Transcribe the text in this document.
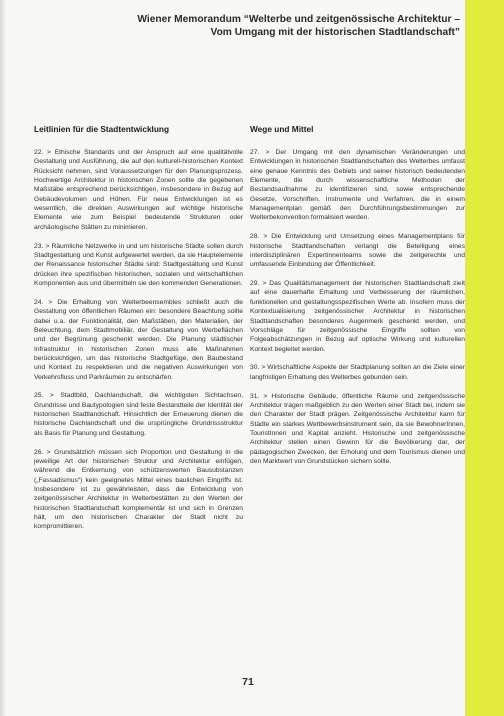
Wiener Memorandum “Welterbe und zeitgenössische Architektur –
Vom Umgang mit der historischen Stadtlandschaft”
Leitlinien für die Stadtentwicklung

22. > Ethische Standards und der Anspruch auf eine qualitätvolle Gestaltung und Ausführung, die auf den kulturell-historischen Kontext Rücksicht nehmen, sind Voraussetzungen für den Planungsprozess. Hochwertige Architektur in historischen Zonen sollte die gegebenen Maßstäbe entsprechend berücksichtigen, insbesondere in Bezug auf Gebäudevolumen und Höhen. Für neue Entwicklungen ist es wesentlich, die direkten Auswirkungen auf wichtige historische Elemente wie zum Beispiel bedeutende Strukturen oder archäologische Stätten zu minimieren.

23. > Räumliche Netzwerke in und um historische Städte sollen durch Stadtgestaltung und Kunst aufgewertet werden, da sie Hauptelemente der Renaissance historischer Städte sind: Stadtgestaltung und Kunst drücken ihre spezifischen historischen, sozialen und wirtschaftlichen Komponenten aus und übermitteln sie den kommenden Generationen.

24. > Die Erhaltung von Welterbeensembles schließt auch die Gestaltung von öffentlichen Räumen ein: besondere Beachtung sollte dabei u.a. der Funktionalität, den Maßstäben, den Materialien, der Beleuchtung, dem Stadtmobiliär, der Gestaltung von Werbeflächen und der Begrünung geschenkt werden. Die Planung städtischer Infrastruktur in historischen Zonen muss alle Maßnahmen berücksichtigen, um das historische Stadtgefüge, den Baubestand und Kontext zu respektieren und die negativen Auswirkungen von Verkehrsfluss und Parkräumen zu entschärfen.

25. > Stadtbild, Dachlandschaft, die wichtigsten Sichtachsen, Grundrisse und Bautypologien sind feste Bestandteile der Identität der historischen Stadtlandschaft. Hinsichtlich der Erneuerung dienen die historische Dachlandschaft und die ursprüngliche Grundrissstruktur als Basis für Planung und Gestaltung.

26. > Grundsätzlich müssen sich Proportion und Gestaltung in die jeweilige Art der historischen Struktur und Architektur einfügen, während die Entkernung von schützenswerten Bausubstanzen („Fassadismus“) kein geeignetes Mittel eines baulichen Eingriffs ist. Insbesondere ist zu gewährleisten, dass die Entwicklung von zeitgenössischer Architektur in Welterbestätten zu den Werten der historischen Stadtlandschaft komplementär ist und sich in Grenzen hält, um den historischen Charakter der Stadt nicht zu kompromittieren.

Wege und Mittel

27. > Der Umgang mit den dynamischen Veränderungen und Entwicklungen in historischen Stadtlandschaften des Welterbes umfasst eine genaue Kenntnis des Gebiets und seiner historisch bedeutenden Elemente, die durch wissenschaftliche Methoden der Bestandsaufnahme zu identifizieren sind, sowie entsprechende Gesetze, Vorschriften, Instrumente und Verfahren, die in einem Managementplan gemäß den Durchführungsbestimmungen zur Welterbekonvention formalisiert werden.

28. > Die Entwicklung und Umsetzung eines Managementplans für historische Stadtlandschaften verlangt die Beteiligung eines interdisziplinären Expertinnenteams sowie die zeitgerechte und umfassende Einbindung der Öffentlichkeit.

29. > Das Qualitätsmanagement der historischen Stadtlandschaft zielt auf eine dauerhafte Erhaltung und Verbesserung der räumlichen, funktionellen und gestaltungsspezifischen Werte ab. Insofern muss der Kontextualisierung zeitgenössischer Architektur in historischen Stadtlandschaften besonderes Augenmerk geschenkt werden, und Vorschläge für zeitgenössische Eingriffe sollten von Folgeabschätzungen in Bezug auf optische Wirkung und kulturellen Kontext begleitet werden.

30. > Wirtschaftliche Aspekte der Stadtplanung sollten an die Ziele einer langfristigen Erhaltung des Welterbes gebunden sein.

31. > Historische Gebäude, öffentliche Räume und zeitgenössische Architektur tragen maßgeblich zu den Werten einer Stadt bei, indem sie den Charakter der Stadt prägen. Zeitgenössische Architektur kann für Städte ein starkes Wettbewerbsinstrument sein, da sie BewohnerInnen, TouristInnen und Kapital anzieht. Historische und zeitgenössische Architektur stellen einen Gewinn für die Bevölkerung dar, der pädagogischen Zwecken, der Erholung und dem Tourismus dienen und den Marktwert von Grundstücken sichern sollte.

71
